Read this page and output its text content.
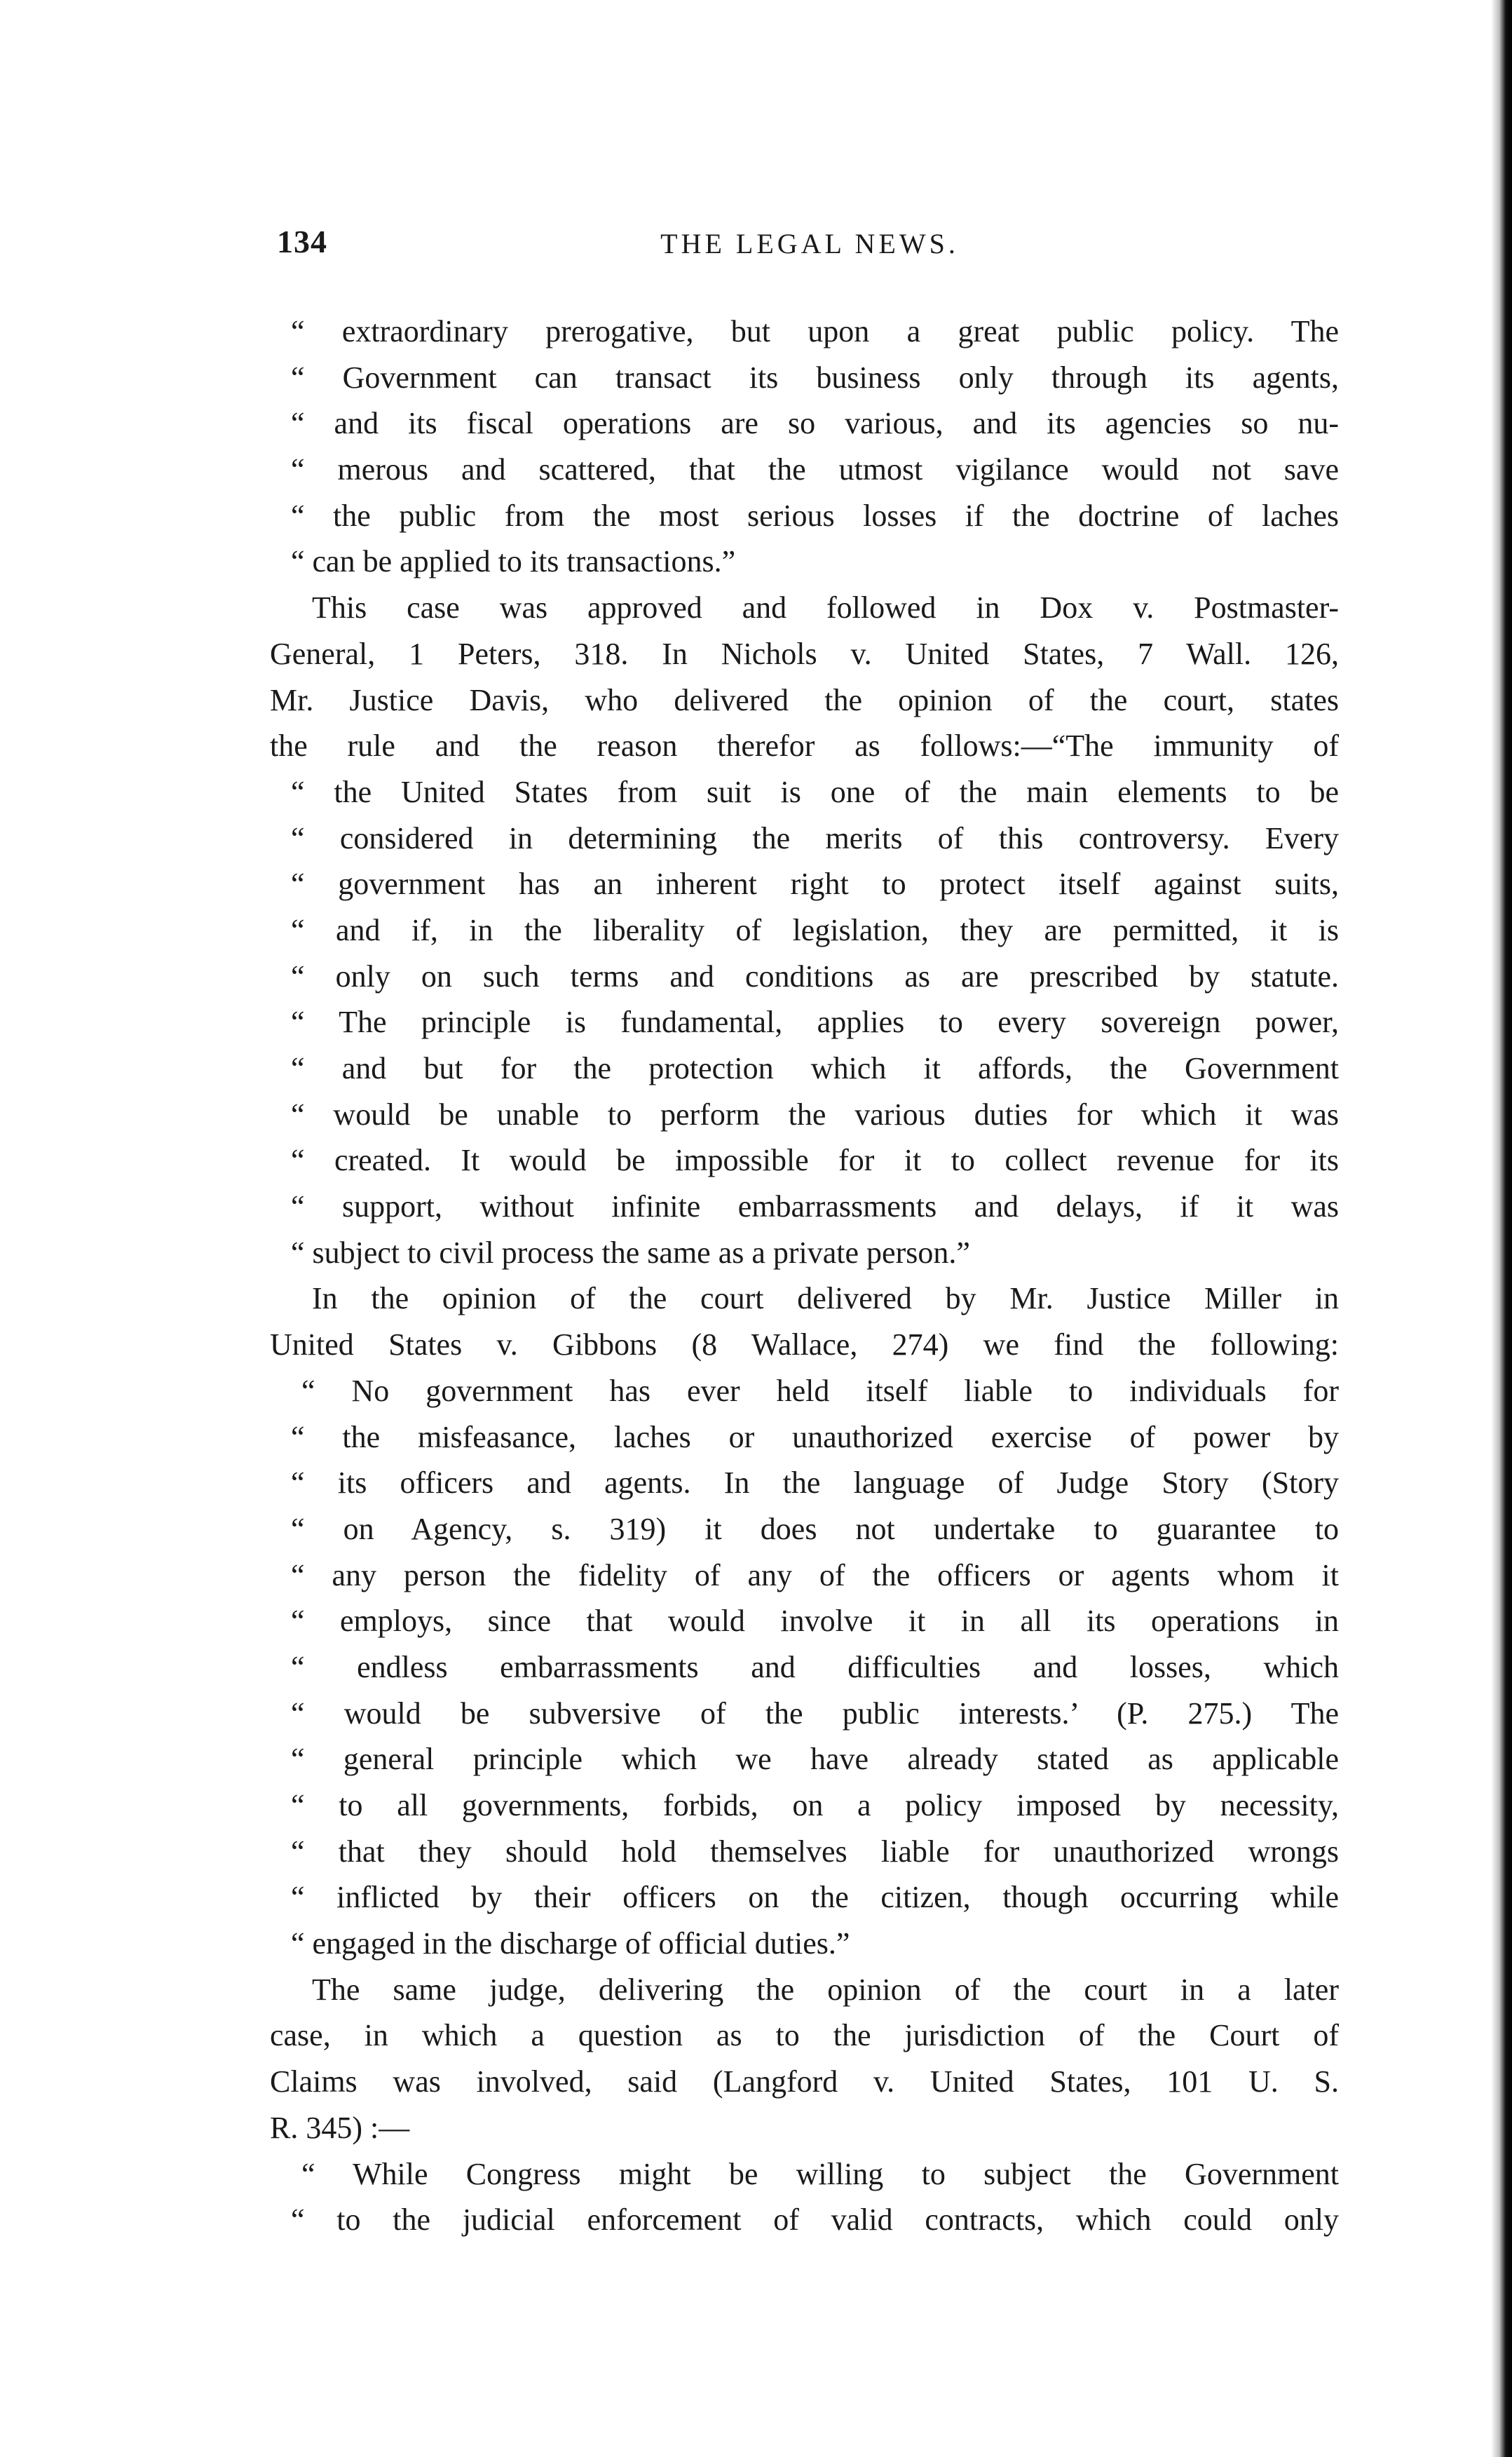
134	THE LEGAL NEWS.
“ extraordinary prerogative, but upon a great public policy. The
“ Government can transact its business only through its agents,
“ and its fiscal operations are so various, and its agencies so nu-
“ merous and scattered, that the utmost vigilance would not save
“ the public from the most serious losses if the doctrine of laches
“ can be applied to its transactions.”
This case was approved and followed in Dox v. Postmaster-
General, 1 Peters, 318. In Nichols v. United States, 7 Wall. 126,
Mr. Justice Davis, who delivered the opinion of the court, states
the rule and the reason therefor as follows:—“The immunity of
“ the United States from suit is one of the main elements to be
“ considered in determining the merits of this controversy. Every
“ government has an inherent right to protect itself against suits,
“ and if, in the liberality of legislation, they are permitted, it is
“ only on such terms and conditions as are prescribed by statute.
“ The principle is fundamental, applies to every sovereign power,
“ and but for the protection which it affords, the Government
“ would be unable to perform the various duties for which it was
“ created. It would be impossible for it to collect revenue for its
“ support, without infinite embarrassments and delays, if it was
“ subject to civil process the same as a private person.”
In the opinion of the court delivered by Mr. Justice Miller in
United States v. Gibbons (8 Wallace, 274) we find the following:
“ No government has ever held itself liable to individuals for
“ the misfeasance, laches or unauthorized exercise of power by
“ its officers and agents. In the language of Judge Story (Story
“ on Agency, s. 319) it does not undertake to guarantee to
“ any person the fidelity of any of the officers or agents whom it
“ employs, since that would involve it in all its operations in
“ endless embarrassments and difficulties and losses, which
“ would be subversive of the public interests.’ (P. 275.) The
“ general principle which we have already stated as applicable
“ to all governments, forbids, on a policy imposed by necessity,
“ that they should hold themselves liable for unauthorized wrongs
“ inflicted by their officers on the citizen, though occurring while
“ engaged in the discharge of official duties.”
The same judge, delivering the opinion of the court in a later
case, in which a question as to the jurisdiction of the Court of
Claims was involved, said (Langford v. United States, 101 U. S.
R. 345) :—
“ While Congress might be willing to subject the Government
“ to the judicial enforcement of valid contracts, which could only
